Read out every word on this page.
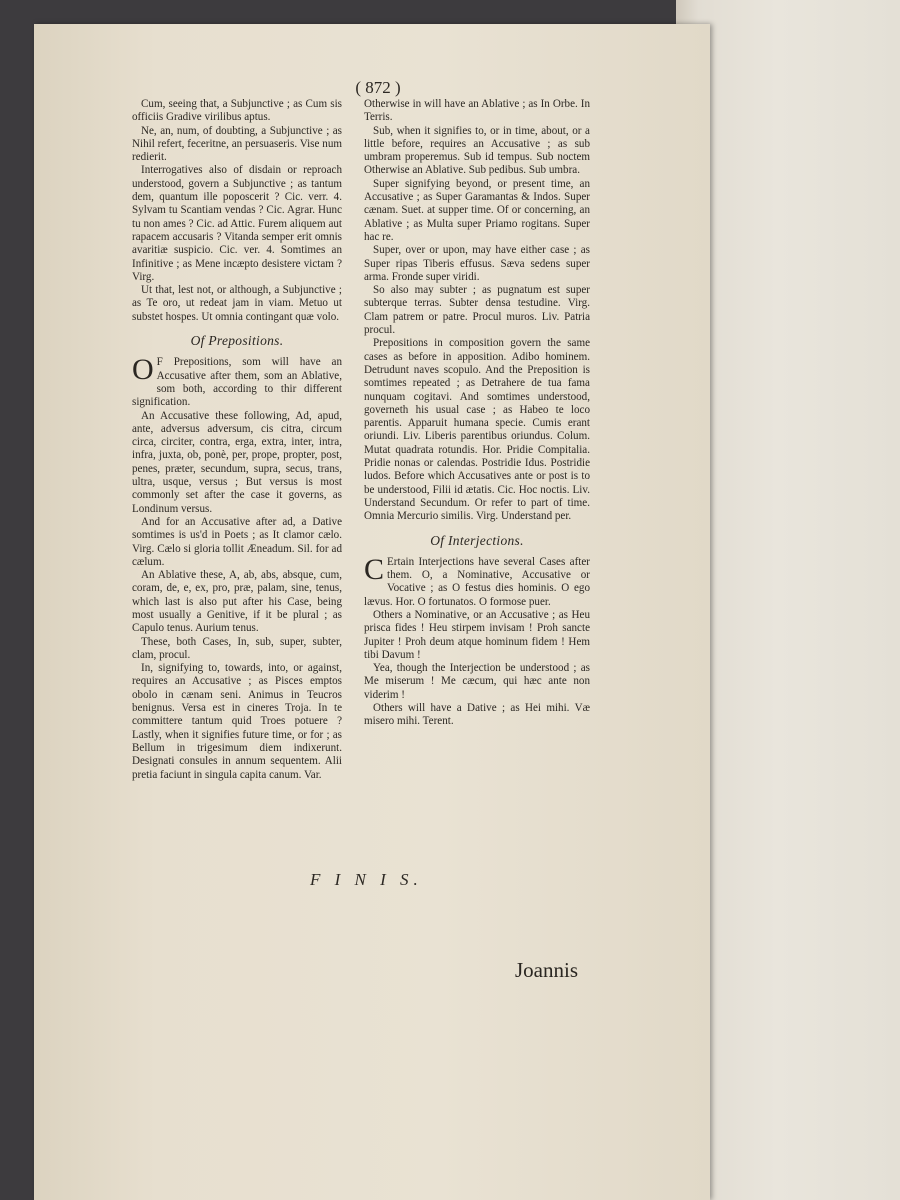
( 872 )

Cum, seeing that, a Subjunctive ; as Cum sis officiis Gradive virilibus aptus.

Ne, an, num, of doubting, a Subjunctive ; as Nihil refert, feceritne, an persuaseris. Vise num redierit.

Interrogatives also of disdain or reproach understood, govern a Subjunctive ; as tantum dem, quantum ille poposcerit ? Cic. verr. 4. Sylvam tu Scantiam vendas ? Cic. Agrar. Hunc tu non ames ? Cic. ad Attic. Furem aliquem aut rapacem accusaris ? Vitanda semper erit omnis avaritiæ suspicio. Cic. ver. 4. Somtimes an Infinitive ; as Mene incæpto desistere victam ? Virg.

Ut that, lest not, or although, a Subjunctive ; as Te oro, ut redeat jam in viam. Metuo ut substet hospes. Ut omnia contingant quæ volo.

Of Prepositions.

O F Prepositions, som will have an Accusative after them, som an Ablative, som both, according to thir different signification.

An Accusative these following, Ad, apud, ante, adversus adversum, cis citra, circum circa, circiter, contra, erga, extra, inter, intra, infra, juxta, ob, ponè, per, prope, propter, post, penes, præter, secundum, supra, secus, trans, ultra, usque, versus ; But versus is most commonly set after the case it governs, as Londinum versus.

And for an Accusative after ad, a Dative somtimes is us'd in Poets ; as It clamor cælo. Virg. Cælo si gloria tollit Æneadum. Sil. for ad cælum.

An Ablative these, A, ab, abs, absque, cum, coram, de, e, ex, pro, præ, palam, sine, tenus, which last is also put after his Case, being most usually a Genitive, if it be plural ; as Capulo tenus. Aurium tenus.

These, both Cases, In, sub, super, subter, clam, procul.

In, signifying to, towards, into, or against, requires an Accusative ; as Pisces emptos obolo in cænam seni. Animus in Teucros benignus. Versa est in cineres Troja. In te committere tantum quid Troes potuere ? Lastly, when it signifies future time, or for ; as Bellum in trigesimum diem indixerunt. Designati consules in annum sequentem. Alii pretia faciunt in singula capita canum. Var.

Otherwise in will have an Ablative ; as In Orbe. In Terris.

Sub, when it signifies to, or in time, about, or a little before, requires an Accusative ; as sub umbram properemus. Sub id tempus. Sub noctem Otherwise an Ablative. Sub pedibus. Sub umbra.

Super signifying beyond, or present time, an Accusative ; as Super Garamantas & Indos. Super cænam. Suet. at supper time. Of or concerning, an Ablative ; as Multa super Priamo rogitans. Super hac re.

Super, over or upon, may have either case ; as Super ripas Tiberis effusus. Sæva sedens super arma. Fronde super viridi.

So also may subter ; as pugnatum est super subterque terras. Subter densa testudine. Virg. Clam patrem or patre. Procul muros. Liv. Patria procul.

Prepositions in composition govern the same cases as before in apposition. Adibo hominem. Detrudunt naves scopulo. And the Preposition is somtimes repeated ; as Detrahere de tua fama nunquam cogitavi. And somtimes understood, governeth his usual case ; as Habeo te loco parentis. Apparuit humana specie. Cumis erant oriundi. Liv. Liberis parentibus oriundus. Colum. Mutat quadrata rotundis. Hor. Pridie Compitalia. Pridie nonas or calendas. Postridie Idus. Postridie ludos. Before which Accusatives ante or post is to be understood, Filii id ætatis. Cic. Hoc noctis. Liv. Understand Secundum. Or refer to part of time. Omnia Mercurio similis. Virg. Understand per.

Of Interjections.

C Ertain Interjections have several Cases after them. O, a Nominative, Accusative or Vocative ; as O festus dies hominis. O ego lævus. Hor. O fortunatos. O formose puer.

Others a Nominative, or an Accusative ; as Heu prisca fides ! Heu stirpem invisam ! Proh sancte Jupiter ! Proh deum atque hominum fidem ! Hem tibi Davum !

Yea, though the Interjection be understood ; as Me miserum ! Me cæcum, qui hæc ante non viderim !

Others will have a Dative ; as Hei mihi. Væ misero mihi. Terent.

F I N I S.
Joannis
